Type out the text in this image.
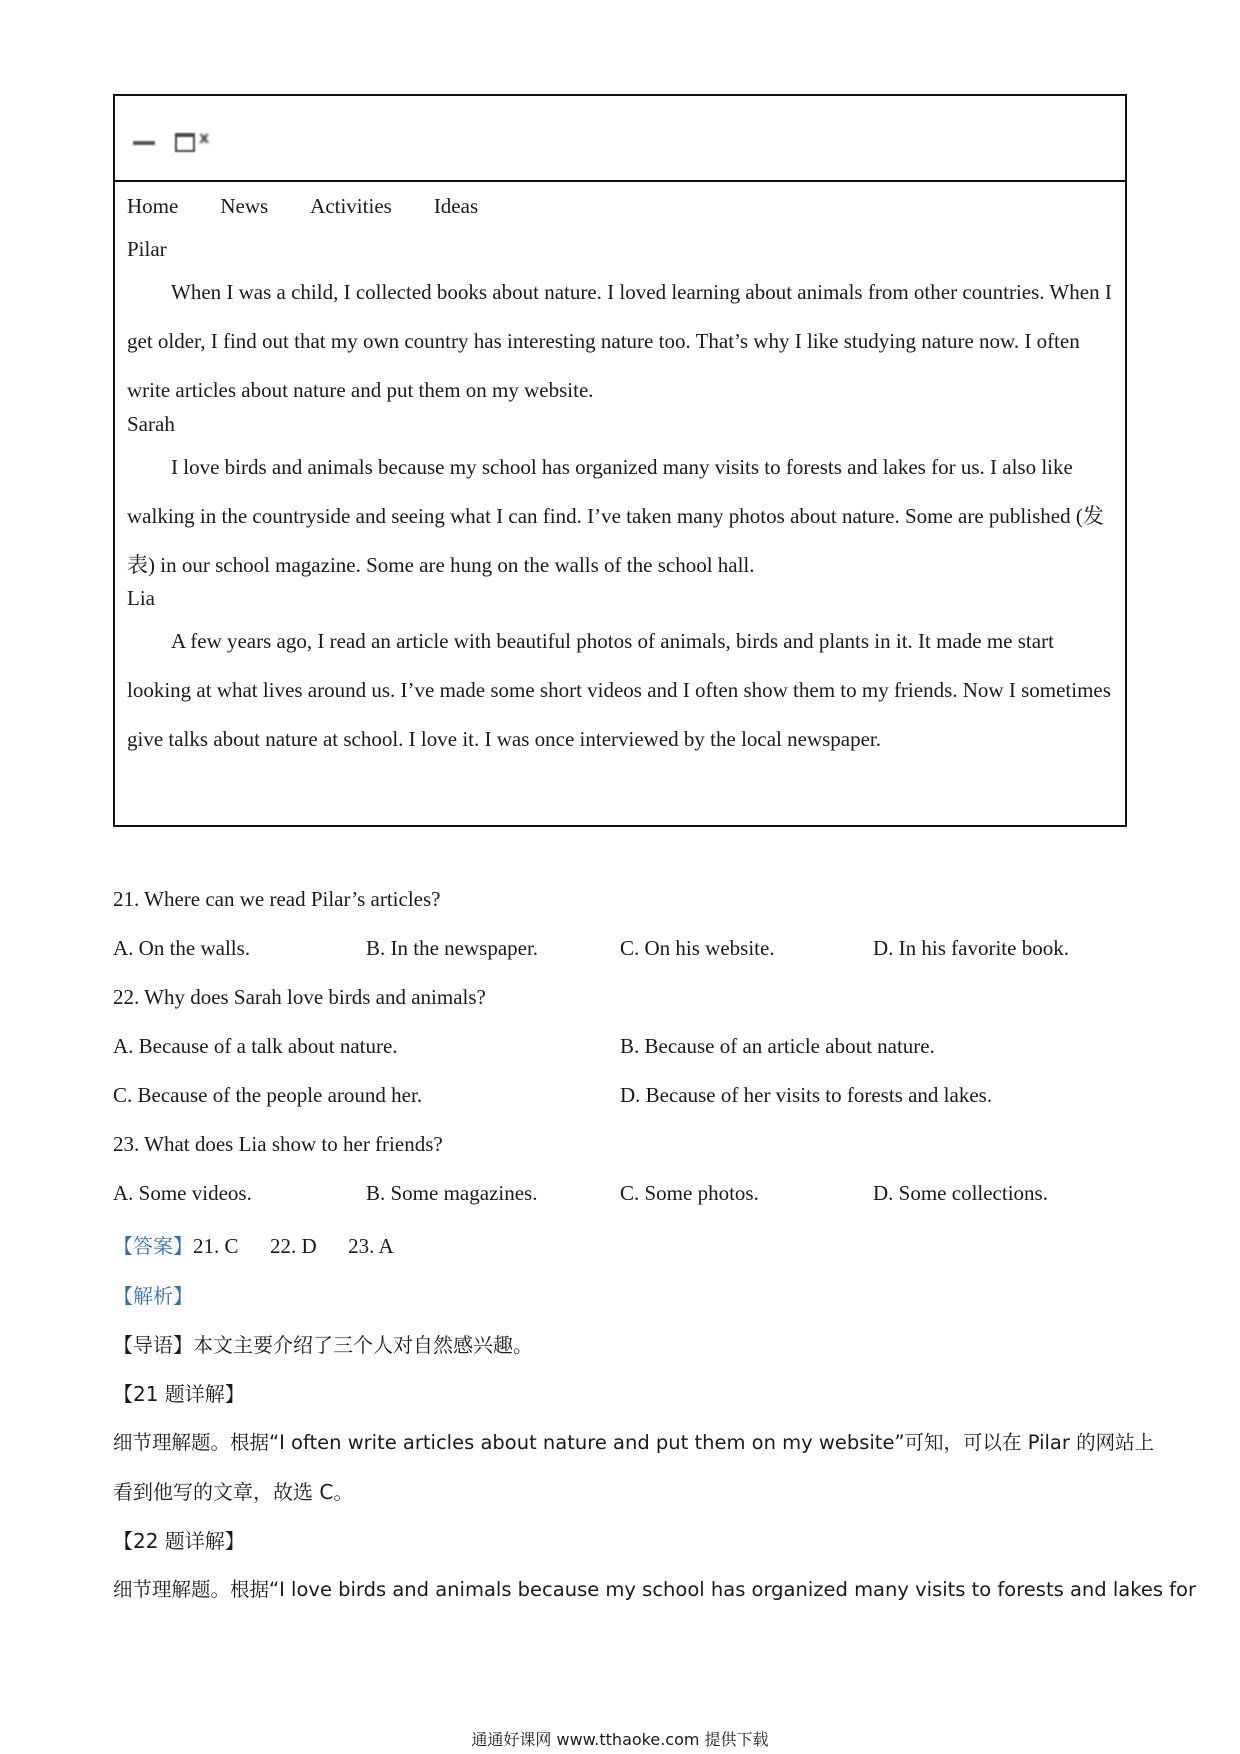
x
Home News Activities Ideas
Pilar
When I was a child, I collected books about nature. I loved learning about animals from other countries. When I get older, I find out that my own country has interesting nature too. That’s why I like studying nature now. I often write articles about nature and put them on my website.
Sarah
I love birds and animals because my school has organized many visits to forests and lakes for us. I also like walking in the countryside and seeing what I can find. I’ve taken many photos about nature. Some are published (发表) in our school magazine. Some are hung on the walls of the school hall.
Lia
A few years ago, I read an article with beautiful photos of animals, birds and plants in it. It made me start looking at what lives around us. I’ve made some short videos and I often show them to my friends. Now I sometimes give talks about nature at school. I love it. I was once interviewed by the local newspaper.
21. Where can we read Pilar’s articles?
A. On the walls.	B. In the newspaper.	C. On his website.	D. In his favorite book.
22. Why does Sarah love birds and animals?
A. Because of a talk about nature.	B. Because of an article about nature.
C. Because of the people around her.	D. Because of her visits to forests and lakes.
23. What does Lia show to her friends?
A. Some videos.	B. Some magazines.	C. Some photos.	D. Some collections.
【答案】21. C      22. D      23. A
【解析】
【导语】本文主要介绍了三个人对自然感兴趣。
【21 题详解】
细节理解题。根据“I often write articles about nature and put them on my website”可知，可以在 Pilar 的网站上
看到他写的文章，故选 C。
【22 题详解】
细节理解题。根据“I love birds and animals because my school has organized many visits to forests and lakes for
通通好课网 www.tthaoke.com 提供下载
